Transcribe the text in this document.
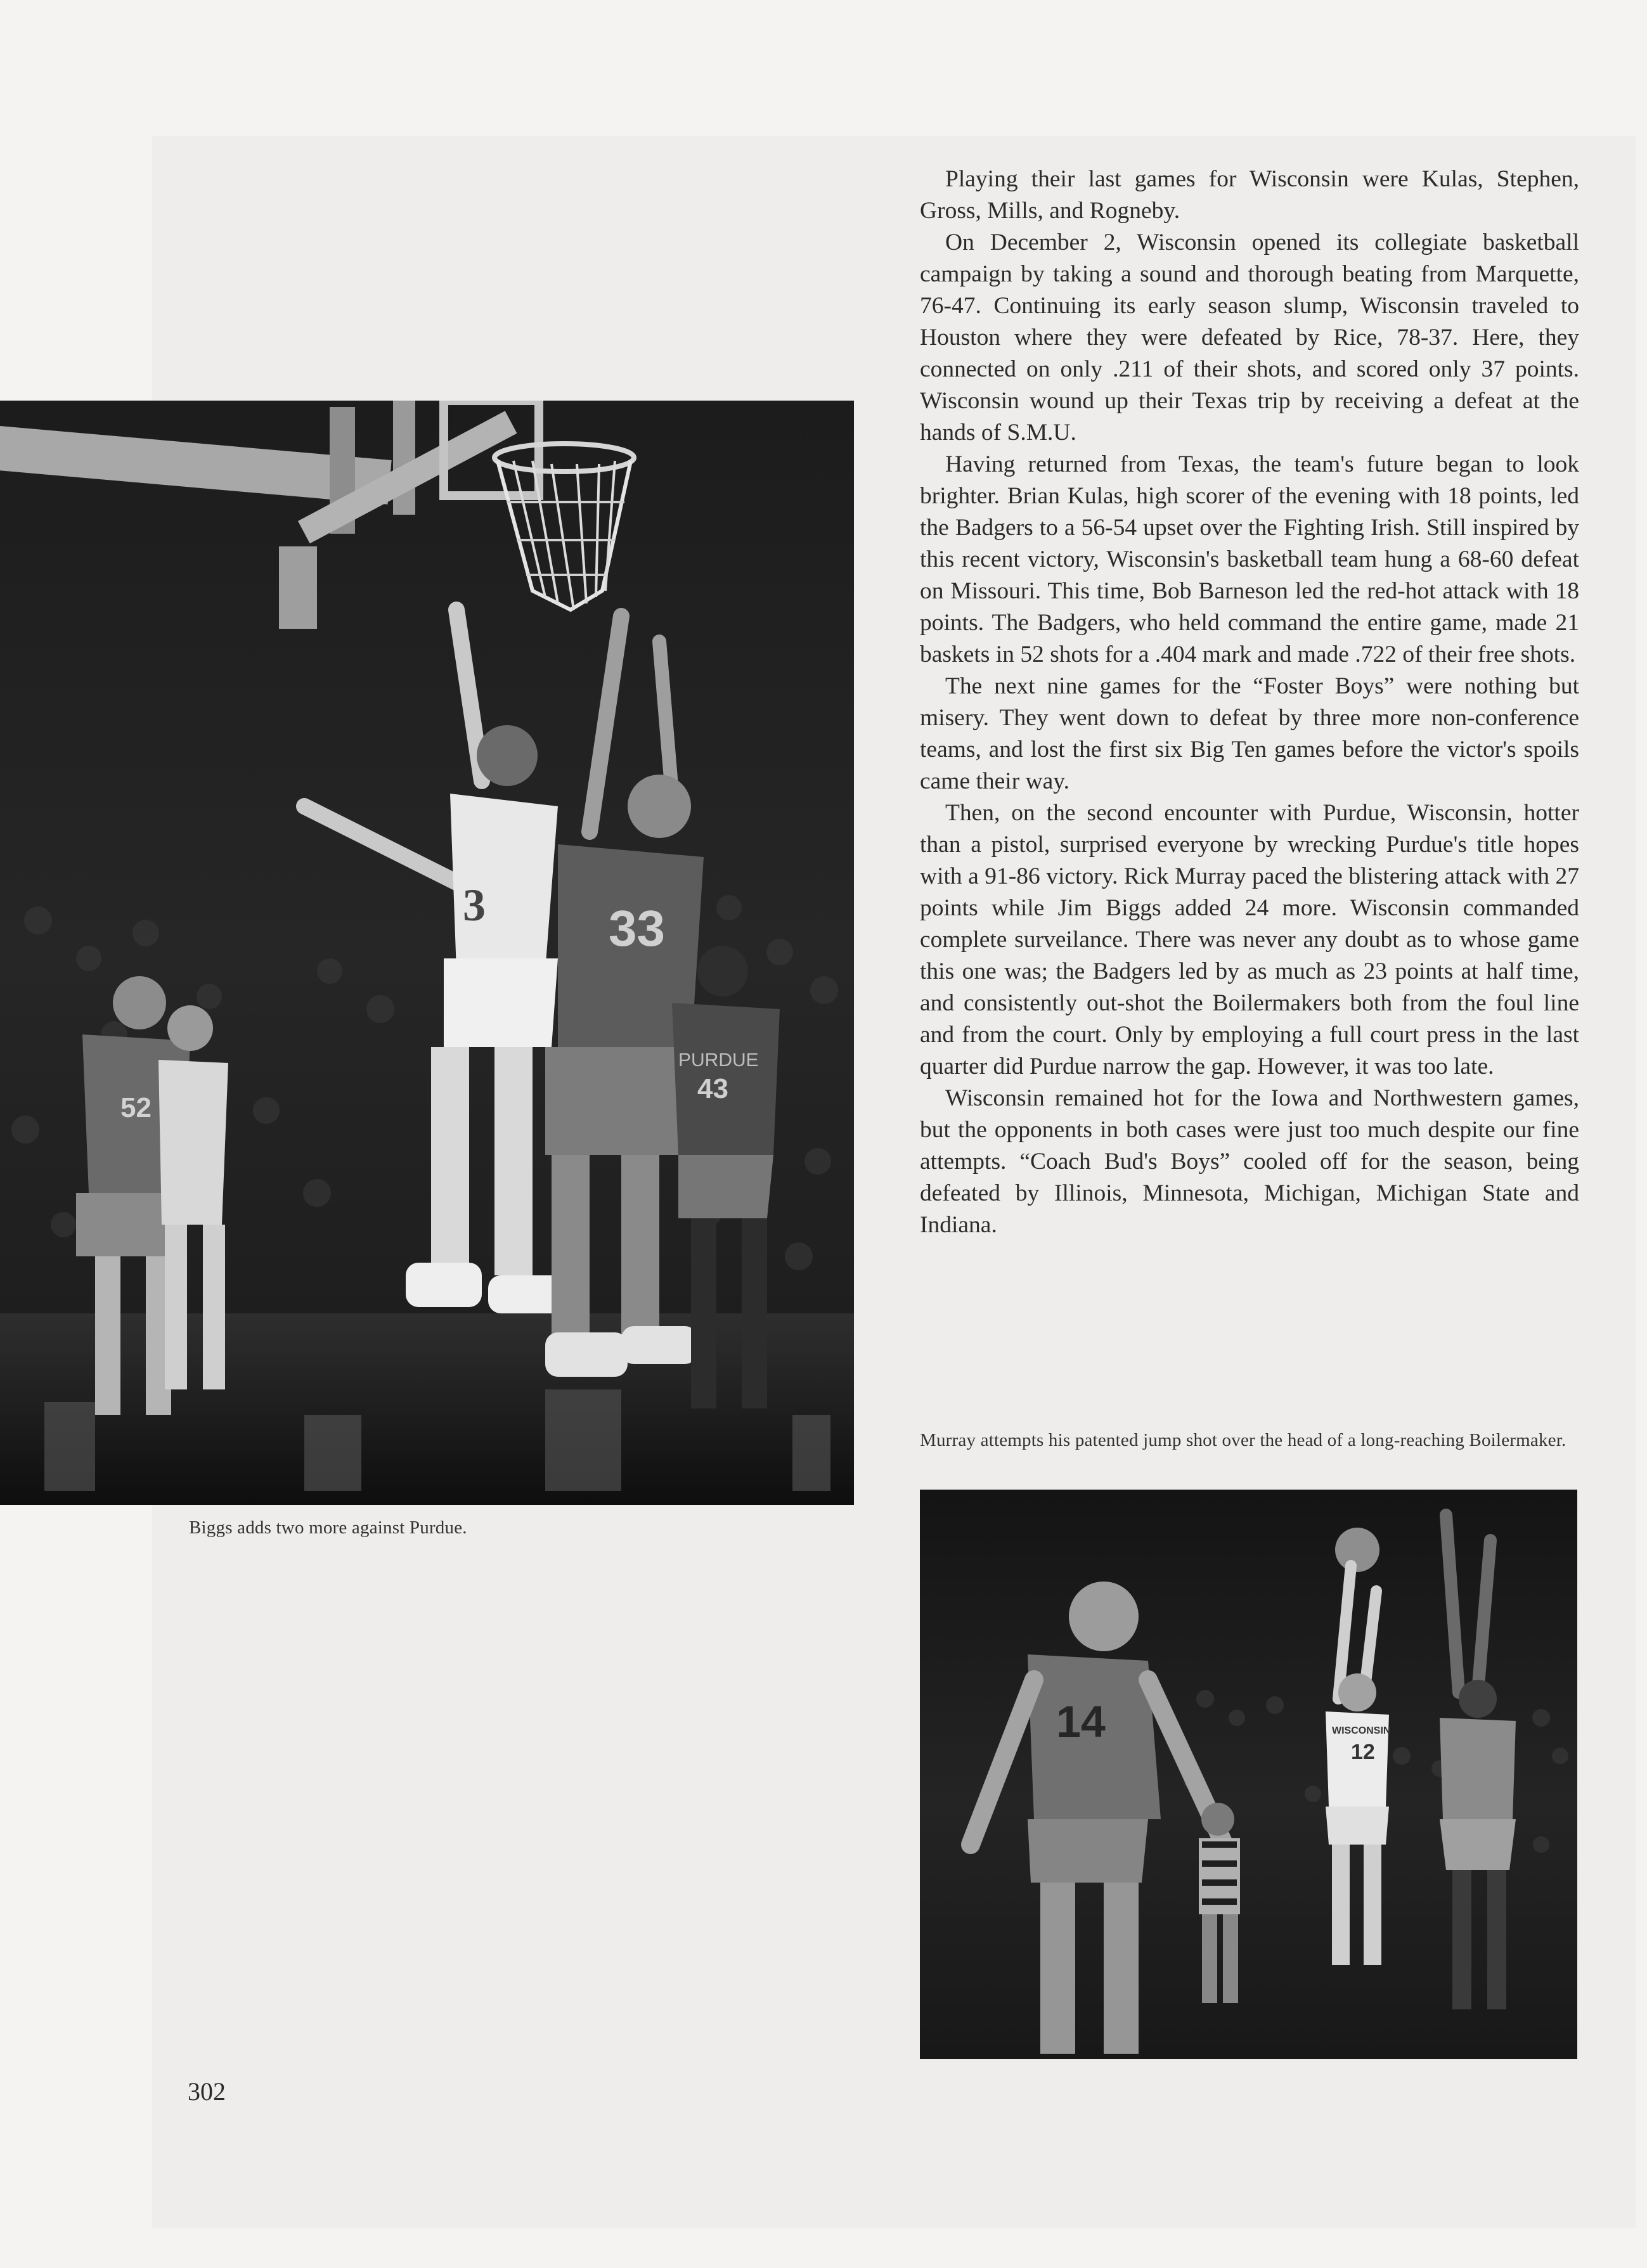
3 33
PURDUE
43
52

Playing their last games for Wisconsin were Kulas, Stephen, Gross, Mills, and Rogneby.

On December 2, Wisconsin opened its collegiate basketball campaign by taking a sound and thorough beating from Marquette, 76-47. Continuing its early season slump, Wisconsin traveled to Houston where they were defeated by Rice, 78-37. Here, they connected on only .211 of their shots, and scored only 37 points. Wisconsin wound up their Texas trip by receiving a defeat at the hands of S.M.U.

Having returned from Texas, the team's future began to look brighter. Brian Kulas, high scorer of the evening with 18 points, led the Badgers to a 56-54 upset over the Fighting Irish. Still inspired by this recent victory, Wisconsin's basketball team hung a 68-60 defeat on Missouri. This time, Bob Barneson led the red-hot attack with 18 points. The Badgers, who held command the entire game, made 21 baskets in 52 shots for a .404 mark and made .722 of their free shots.

The next nine games for the “Foster Boys” were nothing but misery. They went down to defeat by three more non-conference teams, and lost the first six Big Ten games before the victor's spoils came their way.

Then, on the second encounter with Purdue, Wisconsin, hotter than a pistol, surprised everyone by wrecking Purdue's title hopes with a 91-86 victory. Rick Murray paced the blistering attack with 27 points while Jim Biggs added 24 more. Wisconsin commanded complete surveilance. There was never any doubt as to whose game this one was; the Badgers led by as much as 23 points at half time, and consistently out-shot the Boilermakers both from the foul line and from the court. Only by employing a full court press in the last quarter did Purdue narrow the gap. However, it was too late.

Wisconsin remained hot for the Iowa and Northwestern games, but the opponents in both cases were just too much despite our fine attempts. “Coach Bud's Boys” cooled off for the season, being defeated by Illinois, Minnesota, Michigan, Michigan State and Indiana.

Biggs adds two more against Purdue.
Murray attempts his patented jump shot over the head of a long-reaching Boilermaker.
14	WISCONSIN
12
302
